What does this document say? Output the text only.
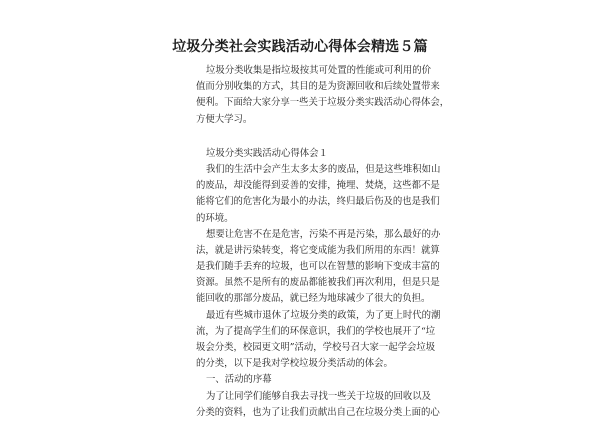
垃圾分类社会实践活动心得体会精选５篇
垃圾分类收集是指垃圾按其可处置的性能或可利用的价
值而分别收集的方式，其目的是为资源回收和后续处置带来
便利。下面给大家分享一些关于垃圾分类实践活动心得体会，
方便大学习。
垃圾分类实践活动心得体会１
我们的生活中会产生太多太多的废品，但是这些堆积如山
的废品，却没能得到妥善的安排，掩埋、焚烧，这些都不是
能将它们的危害化为最小的办法，终归最后伤及的也是我们
的环境。
想要让危害不在是危害，污染不再是污染，那么最好的办
法，就是讲污染转变，将它变成能为我们所用的东西！就算
是我们随手丢弃的垃圾，也可以在智慧的影响下变成丰富的
资源。虽然不是所有的废品都能被我们再次利用，但是只是
能回收的那部分废品，就已经为地球减少了很大的负担。
最近有些城市退休了垃圾分类的政策，为了更上时代的潮
流，为了提高学生们的环保意识，我们的学校也展开了“垃
圾会分类，校园更文明”活动，学校号召大家一起学会垃圾
的分类，以下是我对学校垃圾分类活动的体会。
一、活动的序幕
为了让同学们能够自我去寻找一些关于垃圾的回收以及
分类的资料，也为了让我们贡献出自己在垃圾分类上面的心
